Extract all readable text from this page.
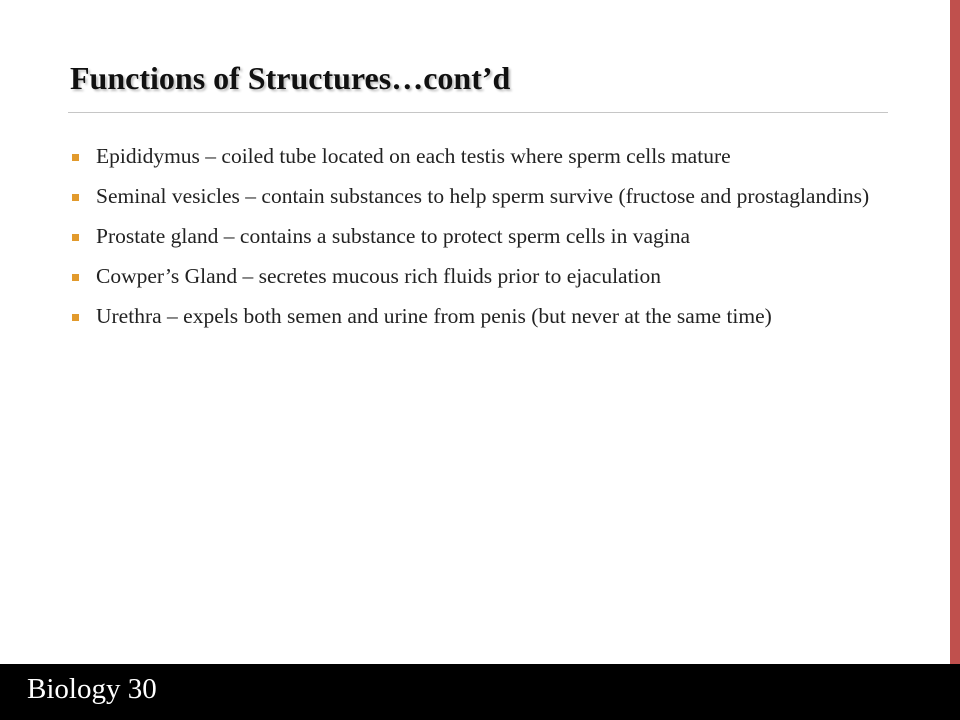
Functions of Structures…cont’d
Epididymus – coiled tube located on each testis where sperm cells mature
Seminal vesicles – contain substances to help sperm survive (fructose and prostaglandins)
Prostate gland – contains a substance to protect sperm cells in vagina
Cowper’s Gland – secretes mucous rich fluids prior to ejaculation
Urethra – expels both semen and urine from penis (but never at the same time)
Biology 30
